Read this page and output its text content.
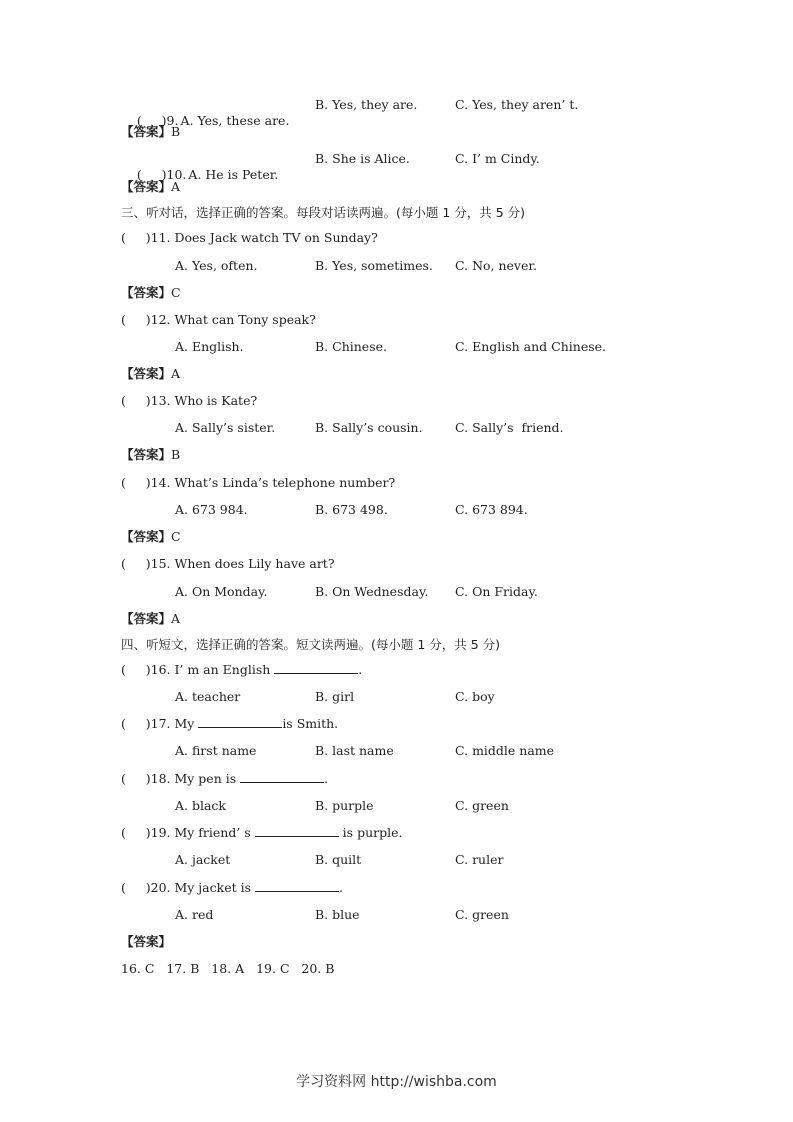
(     )9. A. Yes, these are.

B. Yes, they are.	C. Yes, they aren’ t.
【答案】B

(     )10. A. He is Peter.

B. She is Alice.	C. I’ m Cindy.
【答案】A
三、听对话，选择正确的答案。每段对话读两遍。(每小题 1 分，共 5 分)
(     )11. Does Jack watch TV on Sunday?
A. Yes, often.	B. Yes, sometimes. C. No, never.
【答案】C
(     )12. What can Tony speak?
A. English.	B. Chinese.	C. English and Chinese.
【答案】A
(     )13. Who is Kate?
A. Sally’s sister.	B. Sally’s cousin.	C. Sally’s  friend.
【答案】B
(     )14. What’s Linda’s telephone number?
A. 673 984.	B. 673 498.	C. 673 894.
【答案】C
(     )15. When does Lily have art?
A. On Monday.	B. On Wednesday. C. On Friday.
【答案】A
四、听短文，选择正确的答案。短文读两遍。(每小题 1 分，共 5 分)
(     )16. I’ m an English	.
A. teacher	B. girl	C. boy
(     )17. My	is Smith.
A. first name	B. last name	C. middle name
(     )18. My pen is	.
A. black	B. purple	C. green
(     )19. My friend’ s	is purple.
A. jacket	B. quilt	C. ruler
(     )20. My jacket is	.
A. red	B. blue	C. green
【答案】
16. C   17. B   18. A   19. C   20. B
学习资料网 http://wishba.com
